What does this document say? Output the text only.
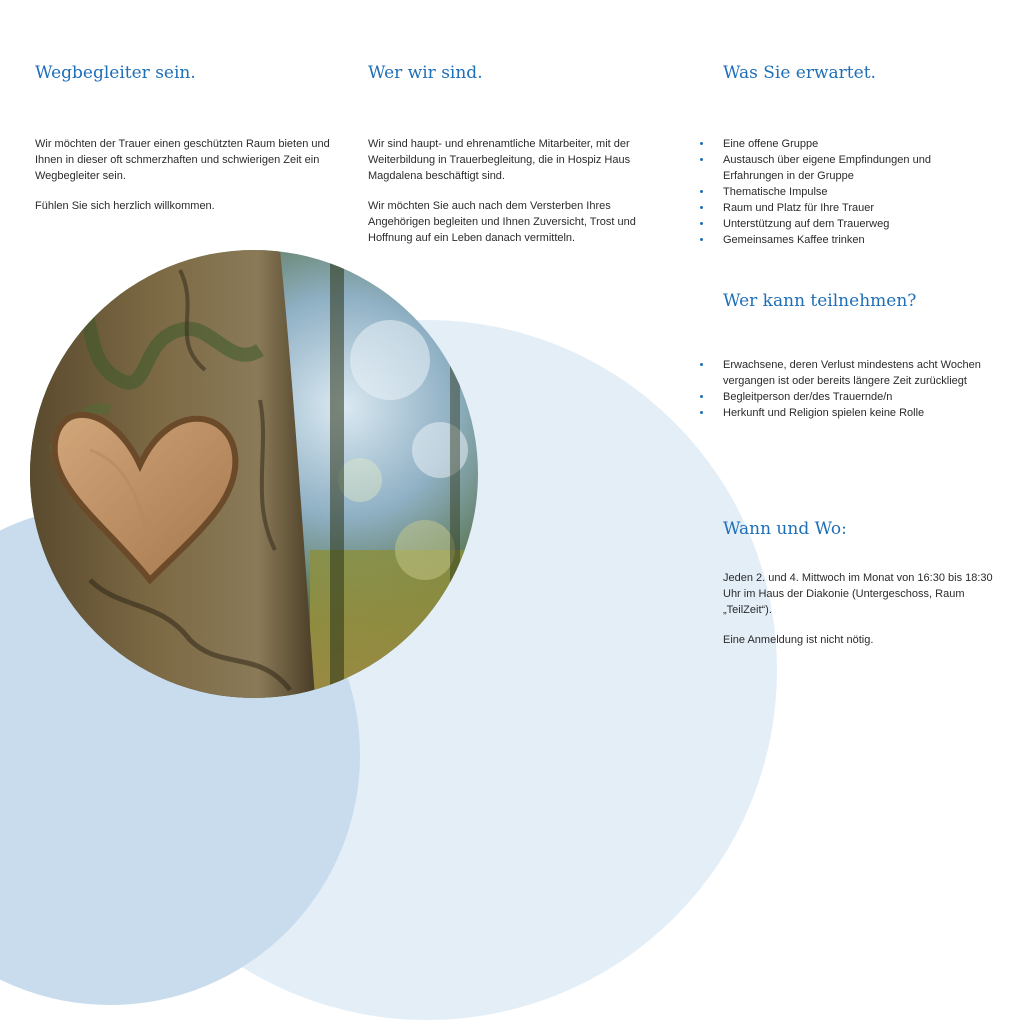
Wegbegleiter sein.

Wir möchten der Trauer einen geschützten Raum bieten und Ihnen in dieser oft schmerzhaften und schwierigen Zeit ein Wegbegleiter sein.

Fühlen Sie sich herzlich willkommen.

Wer wir sind.

Wir sind haupt- und ehrenamtliche Mitarbeiter, mit der Weiterbildung in Trauerbegleitung, die in Hospiz Haus Magdalena beschäftigt sind.

Wir möchten Sie auch nach dem Versterben Ihres Angehörigen begleiten und Ihnen Zuversicht, Trost und Hoffnung auf ein Leben danach vermitteln.

Was Sie erwartet.
Eine offene Gruppe
Austausch über eigene Empfindungen und Erfahrungen in der Gruppe
Thematische Impulse
Raum und Platz für Ihre Trauer
Unterstützung auf dem Trauerweg
Gemeinsames Kaffee trinken
Wer kann teilnehmen?
Erwachsene, deren Verlust mindestens acht Wochen vergangen ist oder bereits längere Zeit zurückliegt
Begleitperson der/des Trauernde/n
Herkunft und Religion spielen keine Rolle
Wann und Wo:

Jeden 2. und 4. Mittwoch im Monat von 16:30 bis 18:30 Uhr im Haus der Diakonie (Untergeschoss, Raum „TeilZeit“).

Eine Anmeldung ist nicht nötig.
